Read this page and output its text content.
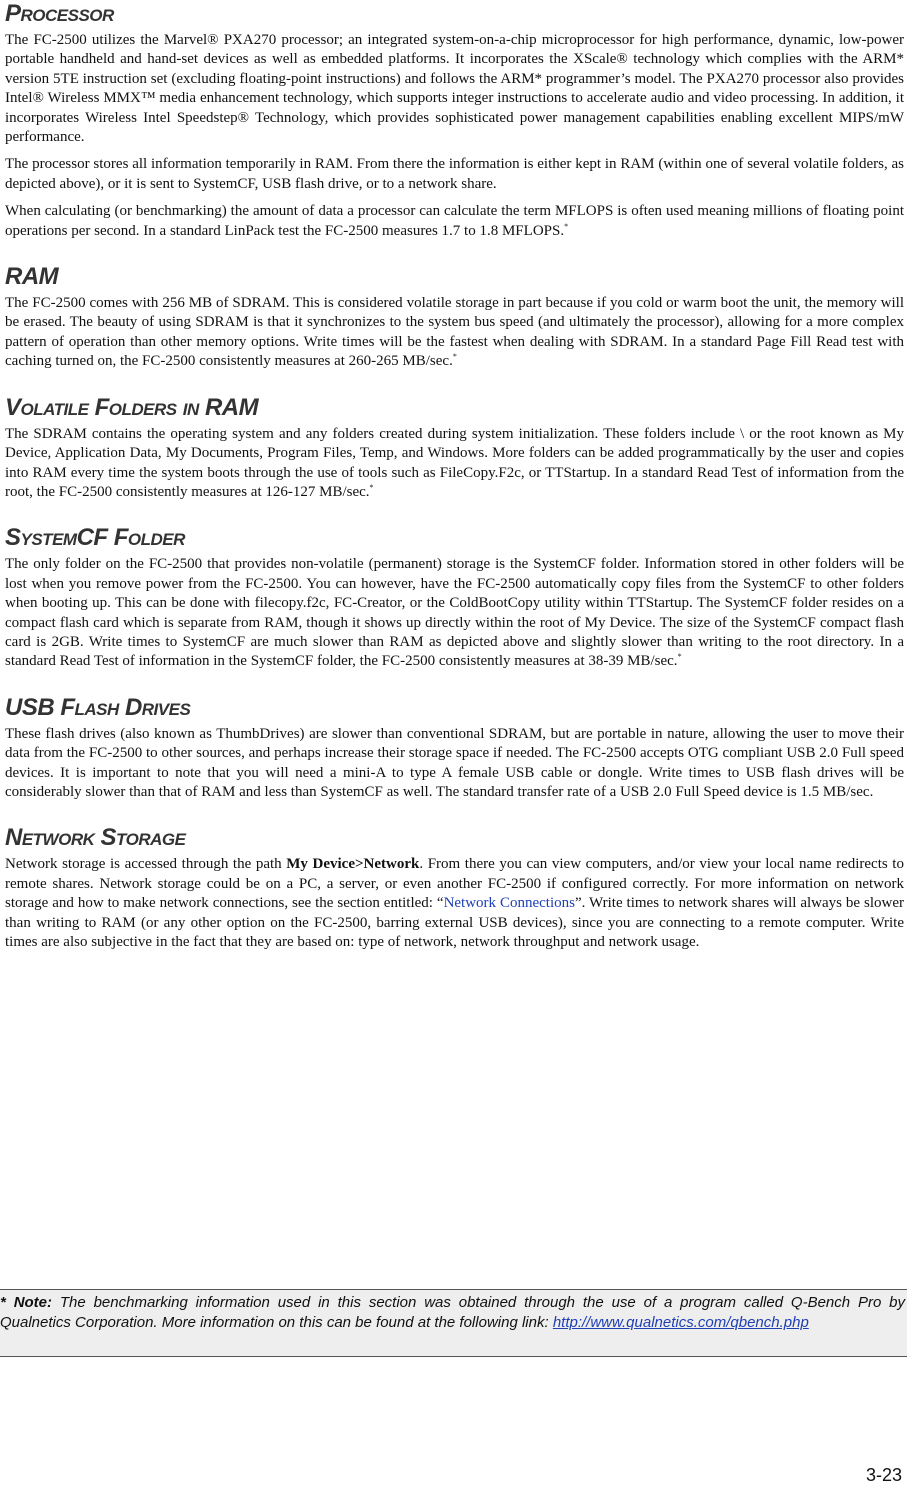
Processor

The FC-2500 utilizes the Marvel® PXA270 processor; an integrated system-on-a-chip microprocessor for high performance, dynamic, low-power portable handheld and hand-set devices as well as embedded platforms. It incorporates the XScale® technology which complies with the ARM* version 5TE instruction set (excluding floating-point instructions) and follows the ARM* programmer’s model. The PXA270 processor also provides Intel® Wireless MMX™ media enhancement technology, which supports integer instructions to accelerate audio and video processing. In addition, it incorporates Wireless Intel Speedstep® Technology, which provides sophisticated power management capabilities enabling excellent MIPS/mW performance.

The processor stores all information temporarily in RAM. From there the information is either kept in RAM (within one of several volatile folders, as depicted above), or it is sent to SystemCF, USB flash drive, or to a network share.

When calculating (or benchmarking) the amount of data a processor can calculate the term MFLOPS is often used meaning millions of floating point operations per second. In a standard LinPack test the FC-2500 measures 1.7 to 1.8 MFLOPS.*

RAM

The FC-2500 comes with 256 MB of SDRAM. This is considered volatile storage in part because if you cold or warm boot the unit, the memory will be erased. The beauty of using SDRAM is that it synchronizes to the system bus speed (and ultimately the processor), allowing for a more complex pattern of operation than other memory options. Write times will be the fastest when dealing with SDRAM. In a standard Page Fill Read test with caching turned on, the FC-2500 consistently measures at 260-265 MB/sec.*

Volatile Folders in RAM

The SDRAM contains the operating system and any folders created during system initialization. These folders include \ or the root known as My Device, Application Data, My Documents, Program Files, Temp, and Windows. More folders can be added programmatically by the user and copies into RAM every time the system boots through the use of tools such as FileCopy.F2c, or TTStartup. In a standard Read Test of information from the root, the FC-2500 consistently measures at 126-127 MB/sec.*

SystemCF Folder

The only folder on the FC-2500 that provides non-volatile (permanent) storage is the SystemCF folder. Information stored in other folders will be lost when you remove power from the FC-2500. You can however, have the FC-2500 automatically copy files from the SystemCF to other folders when booting up. This can be done with filecopy.f2c, FC-Creator, or the ColdBootCopy utility within TTStartup. The SystemCF folder resides on a compact flash card which is separate from RAM, though it shows up directly within the root of My Device. The size of the SystemCF compact flash card is 2GB. Write times to SystemCF are much slower than RAM as depicted above and slightly slower than writing to the root directory. In a standard Read Test of information in the SystemCF folder, the FC-2500 consistently measures at 38-39 MB/sec.*

USB Flash Drives

These flash drives (also known as ThumbDrives) are slower than conventional SDRAM, but are portable in nature, allowing the user to move their data from the FC-2500 to other sources, and perhaps increase their storage space if needed. The FC-2500 accepts OTG compliant USB 2.0 Full speed devices. It is important to note that you will need a mini-A to type A female USB cable or dongle. Write times to USB flash drives will be considerably slower than that of RAM and less than SystemCF as well. The standard transfer rate of a USB 2.0 Full Speed device is 1.5 MB/sec.

Network Storage

Network storage is accessed through the path My Device>Network. From there you can view computers, and/or view your local name redirects to remote shares. Network storage could be on a PC, a server, or even another FC-2500 if configured correctly. For more information on network storage and how to make network connections, see the section entitled: “Network Connections”. Write times to network shares will always be slower than writing to RAM (or any other option on the FC-2500, barring external USB devices), since you are connecting to a remote computer. Write times are also subjective in the fact that they are based on: type of network, network throughput and network usage.

* Note: The benchmarking information used in this section was obtained through the use of a program called Q-Bench Pro by Qualnetics Corporation. More information on this can be found at the following link: http://www.qualnetics.com/qbench.php
3-23
